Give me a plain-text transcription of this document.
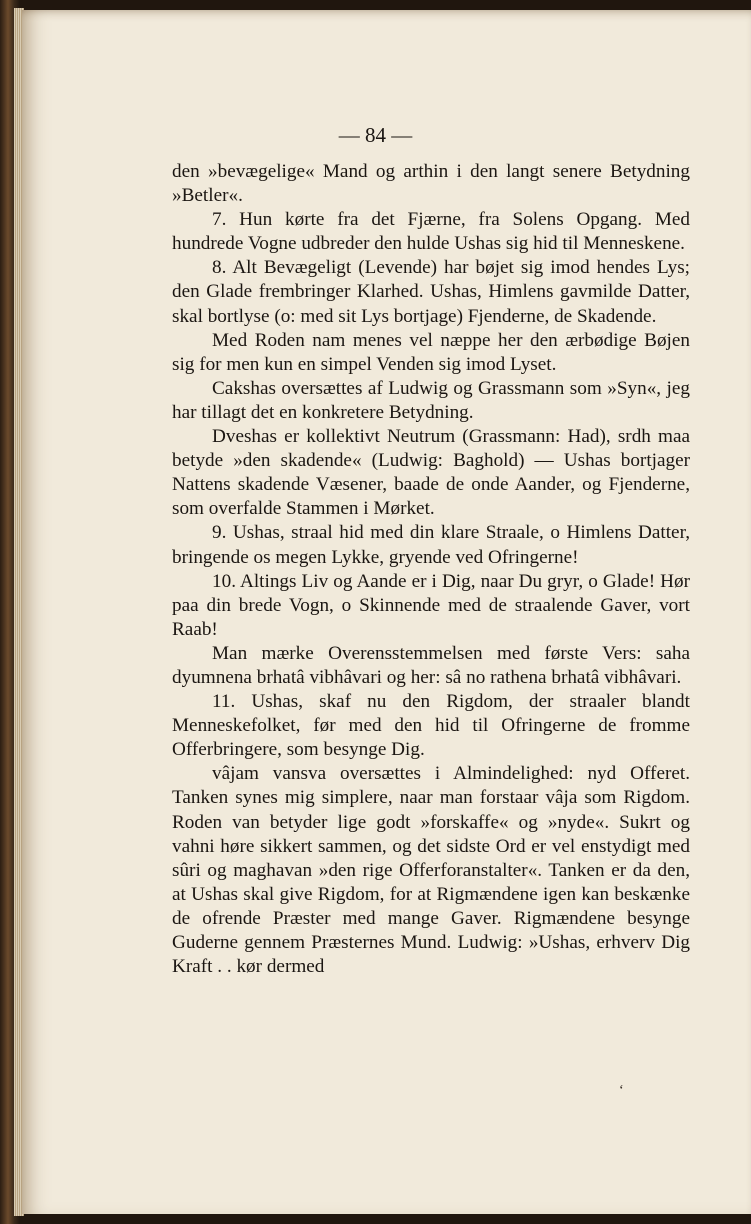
— 84 —

den »bevægelige« Mand og arthin i den langt senere Betydning »Betler«.

7. Hun kørte fra det Fjærne, fra Solens Opgang. Med hundrede Vogne udbreder den hulde Ushas sig hid til Menneskene.

8. Alt Bevægeligt (Levende) har bøjet sig imod hendes Lys; den Glade frembringer Klarhed. Ushas, Himlens gavmilde Datter, skal bortlyse (o: med sit Lys bortjage) Fjenderne, de Skadende.

Med Roden nam menes vel næppe her den ærbødige Bøjen sig for men kun en simpel Venden sig imod Lyset.

Cakshas oversættes af Ludwig og Grassmann som »Syn«, jeg har tillagt det en konkretere Betydning.

Dveshas er kollektivt Neutrum (Grassmann: Had), srdh maa betyde »den skadende« (Ludwig: Baghold) — Ushas bortjager Nattens skadende Væsener, baade de onde Aander, og Fjenderne, som overfalde Stammen i Mørket.

9. Ushas, straal hid med din klare Straale, o Himlens Datter, bringende os megen Lykke, gryende ved Ofringerne!

10. Altings Liv og Aande er i Dig, naar Du gryr, o Glade! Hør paa din brede Vogn, o Skinnende med de straalende Gaver, vort Raab!

Man mærke Overensstemmelsen med første Vers: saha dyumnena brhatâ vibhâvari og her: sâ no rathena brhatâ vibhâvari.

11. Ushas, skaf nu den Rigdom, der straaler blandt Menneskefolket, før med den hid til Ofringerne de fromme Offerbringere, som besynge Dig.

vâjam vansva oversættes i Almindelighed: nyd Offeret. Tanken synes mig simplere, naar man forstaar vâja som Rigdom. Roden van betyder lige godt »forskaffe« og »nyde«. Sukrt og vahni høre sikkert sammen, og det sidste Ord er vel enstydigt med sûri og maghavan »den rige Offerforanstalter«. Tanken er da den, at Ushas skal give Rigdom, for at Rigmændene igen kan beskænke de ofrende Præster med mange Gaver. Rigmændene besynge Guderne gennem Præsternes Mund. Ludwig: »Ushas, erhverv Dig Kraft . . kør dermed

ʻ
